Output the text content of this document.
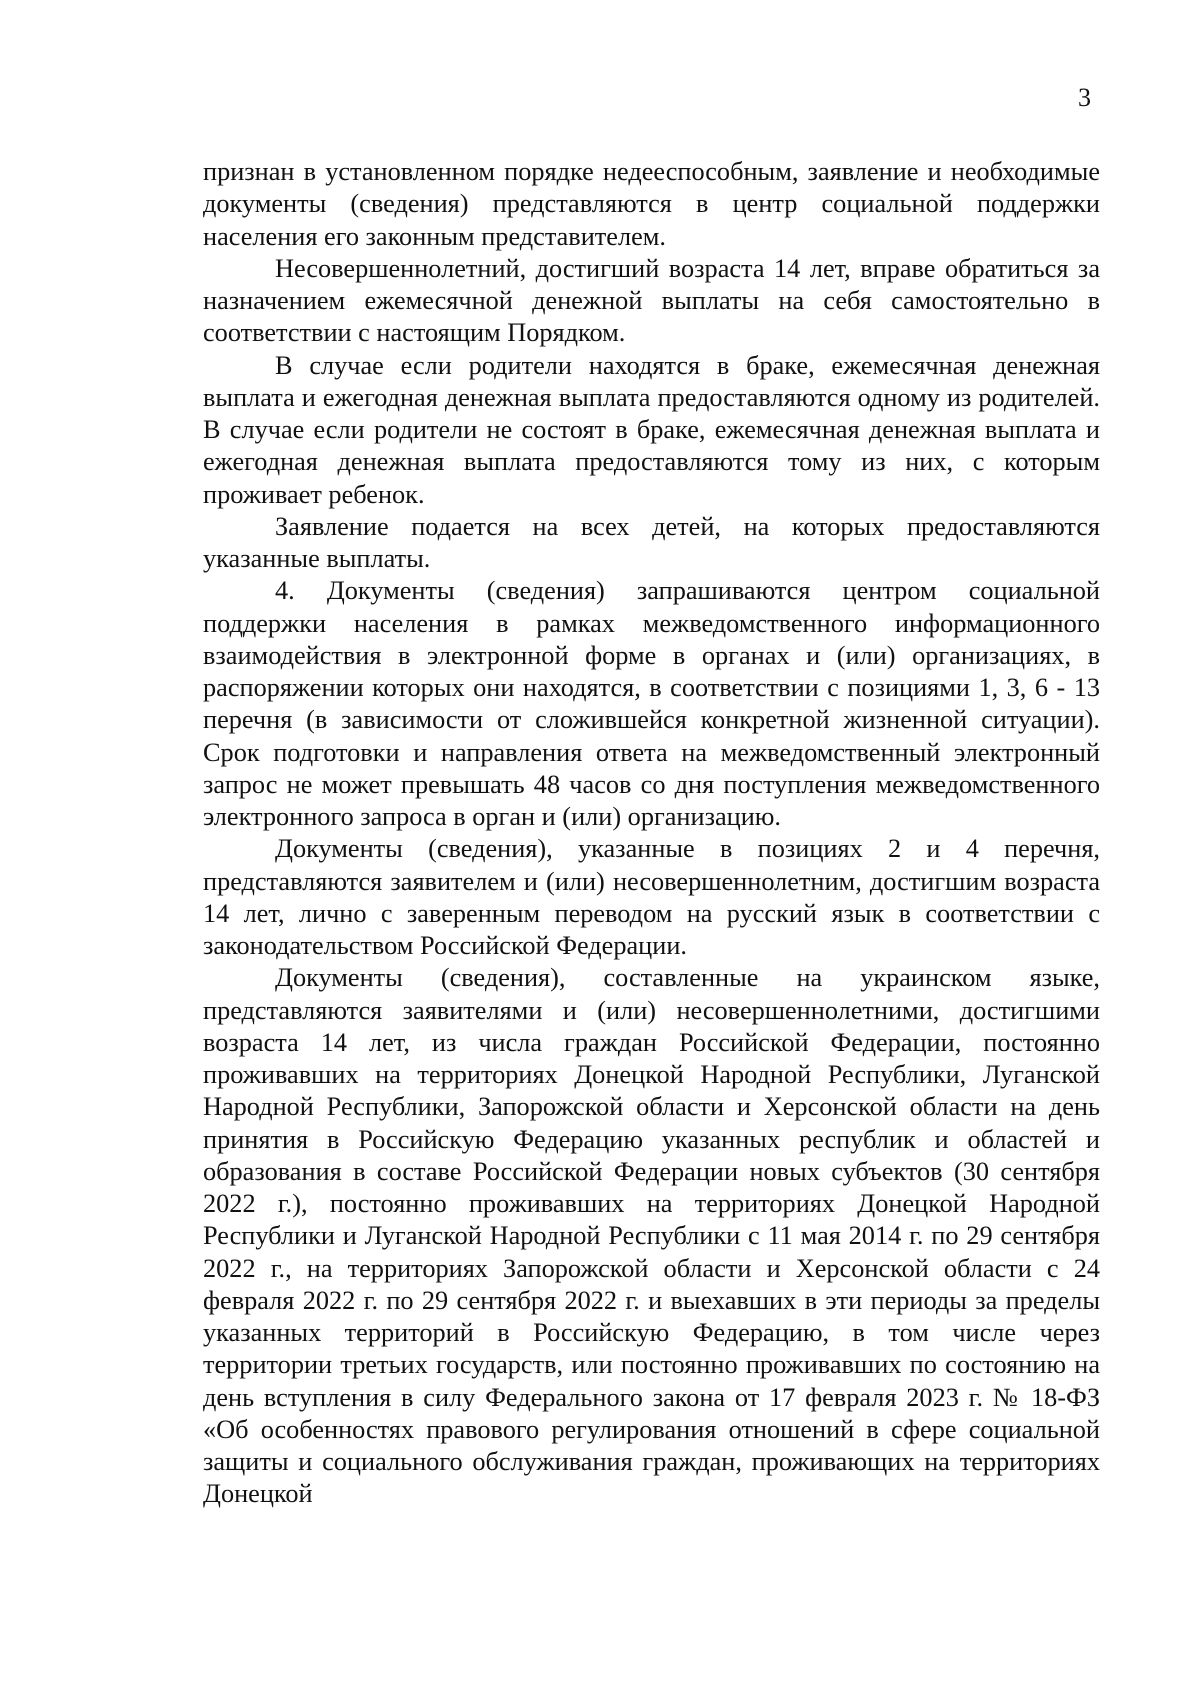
3

признан в установленном порядке недееспособным, заявление и необходимые документы (сведения) представляются в центр социальной поддержки населения его законным представителем.

Несовершеннолетний, достигший возраста 14 лет, вправе обратиться за назначением ежемесячной денежной выплаты на себя самостоятельно в соответствии с настоящим Порядком.

В случае если родители находятся в браке, ежемесячная денежная выплата и ежегодная денежная выплата предоставляются одному из родителей. В случае если родители не состоят в браке, ежемесячная денежная выплата и ежегодная денежная выплата предоставляются тому из них, с которым проживает ребенок.

Заявление подается на всех детей, на которых предоставляются указанные выплаты.

4. Документы (сведения) запрашиваются центром социальной поддержки населения в рамках межведомственного информационного взаимодействия в электронной форме в органах и (или) организациях, в распоряжении которых они находятся, в соответствии с позициями 1, 3, 6 - 13 перечня (в зависимости от сложившейся конкретной жизненной ситуации). Срок подготовки и направления ответа на межведомственный электронный запрос не может превышать 48 часов со дня поступления межведомственного электронного запроса в орган и (или) организацию.

Документы (сведения), указанные в позициях 2 и 4 перечня, представляются заявителем и (или) несовершеннолетним, достигшим возраста 14 лет, лично с заверенным переводом на русский язык в соответствии с законодательством Российской Федерации.

Документы (сведения), составленные на украинском языке, представляются заявителями и (или) несовершеннолетними, достигшими возраста 14 лет, из числа граждан Российской Федерации, постоянно проживавших на территориях Донецкой Народной Республики, Луганской Народной Республики, Запорожской области и Херсонской области на день принятия в Российскую Федерацию указанных республик и областей и образования в составе Российской Федерации новых субъектов (30 сентября 2022 г.), постоянно проживавших на территориях Донецкой Народной Республики и Луганской Народной Республики с 11 мая 2014 г. по 29 сентября 2022 г., на территориях Запорожской области и Херсонской области с 24 февраля 2022 г. по 29 сентября 2022 г. и выехавших в эти периоды за пределы указанных территорий в Российскую Федерацию, в том числе через территории третьих государств, или постоянно проживавших по состоянию на день вступления в силу Федерального закона от 17 февраля 2023 г. № 18-ФЗ «Об особенностях правового регулирования отношений в сфере социальной защиты и социального обслуживания граждан, проживающих на территориях Донецкой
